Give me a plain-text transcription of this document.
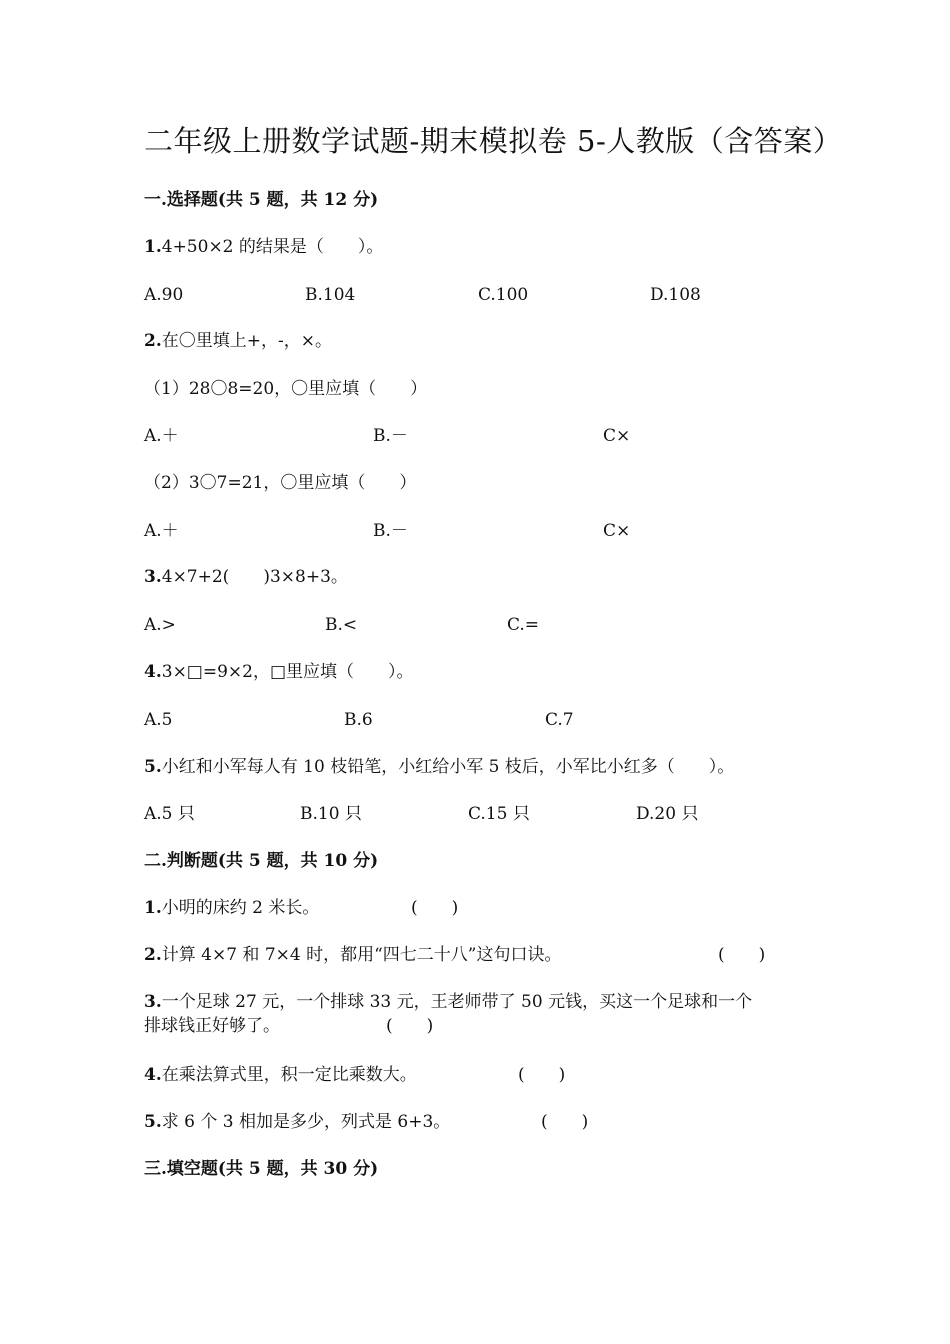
二年级上册数学试题-期末模拟卷 5-人教版（含答案）
一.选择题(共 5 题，共 12 分)
1.4+50×2 的结果是（　　）。
A.90	B.104	C.100	D.108
2.在〇里填上+，-，×。
（1）28〇8=20，〇里应填（　　）
A.＋	B.－	C×
（2）3〇7=21，〇里应填（　　）
A.＋	B.－	C×
3.4×7+2(　　)3×8+3。
A.>	B.<	C.=
4.3×□=9×2，□里应填（　　）。
A.5	B.6	C.7
5.小红和小军每人有 10 枝铅笔，小红给小军 5 枝后，小军比小红多（　　）。
A.5 只	B.10 只	C.15 只	D.20 只
二.判断题(共 5 题，共 10 分)
1.小明的床约 2 米长。	(　　)
2.计算 4×7 和 7×4 时，都用“四七二十八”这句口诀。	(　　)
3.一个足球 27 元，一个排球 33 元，王老师带了 50 元钱，买这一个足球和一个
排球钱正好够了。	(　　)
4.在乘法算式里，积一定比乘数大。	(　　)
5.求 6 个 3 相加是多少，列式是 6+3。	(　　)
三.填空题(共 5 题，共 30 分)
